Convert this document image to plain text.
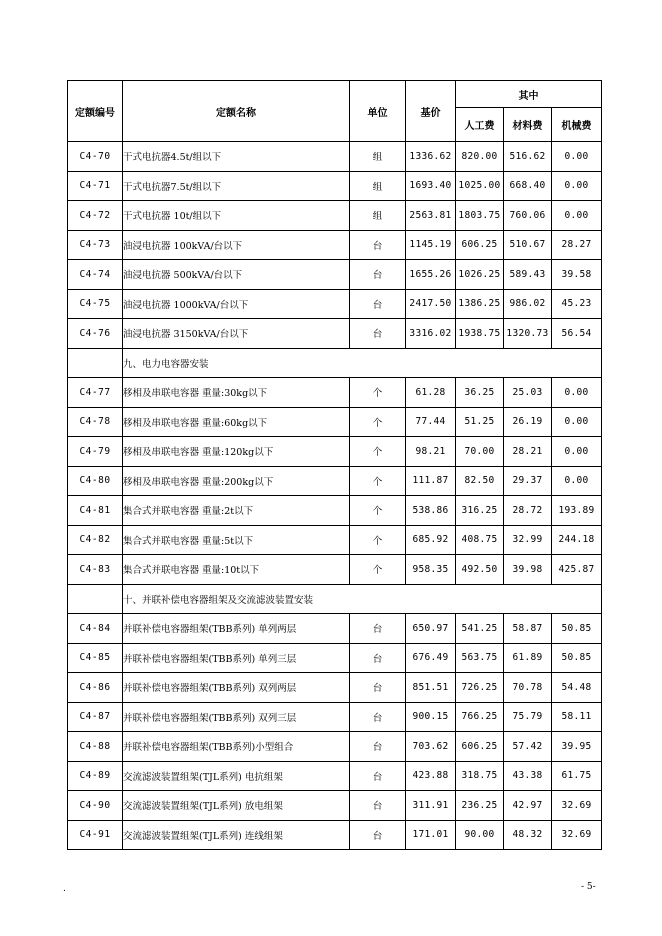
定额编号	定额名称	单位	基价	其中		
				人工费	材料费	机械费
C4-70	干式电抗器4.5t/组以下	组	1336.62	820.00	516.62	0.00
C4-71	干式电抗器7.5t/组以下	组	1693.40	1025.00	668.40	0.00
C4-72	干式电抗器 10t/组以下	组	2563.81	1803.75	760.06	0.00
C4-73	油浸电抗器 100kVA/台以下	台	1145.19	606.25	510.67	28.27
C4-74	油浸电抗器 500kVA/台以下	台	1655.26	1026.25	589.43	39.58
C4-75	油浸电抗器 1000kVA/台以下	台	2417.50	1386.25	986.02	45.23
C4-76	油浸电抗器 3150kVA/台以下	台	3316.02	1938.75	1320.73	56.54
	九、电力电容器安装					
C4-77	移相及串联电容器 重量:30kg以下	个	61.28	36.25	25.03	0.00
C4-78	移相及串联电容器 重量:60kg以下	个	77.44	51.25	26.19	0.00
C4-79	移相及串联电容器 重量:120kg以下	个	98.21	70.00	28.21	0.00
C4-80	移相及串联电容器 重量:200kg以下	个	111.87	82.50	29.37	0.00
C4-81	集合式并联电容器 重量:2t以下	个	538.86	316.25	28.72	193.89
C4-82	集合式并联电容器 重量:5t以下	个	685.92	408.75	32.99	244.18
C4-83	集合式并联电容器 重量:10t以下	个	958.35	492.50	39.98	425.87
	十、并联补偿电容器组架及交流滤波装置安装					
C4-84	并联补偿电容器组架(TBB系列) 单列两层	台	650.97	541.25	58.87	50.85
C4-85	并联补偿电容器组架(TBB系列) 单列三层	台	676.49	563.75	61.89	50.85
C4-86	并联补偿电容器组架(TBB系列) 双列两层	台	851.51	726.25	70.78	54.48
C4-87	并联补偿电容器组架(TBB系列) 双列三层	台	900.15	766.25	75.79	58.11
C4-88	并联补偿电容器组架(TBB系列)小型组合	台	703.62	606.25	57.42	39.95
C4-89	交流滤波装置组架(TJL系列) 电抗组架	台	423.88	318.75	43.38	61.75
C4-90	交流滤波装置组架(TJL系列) 放电组架	台	311.91	236.25	42.97	32.69
C4-91	交流滤波装置组架(TJL系列) 连线组架	台	171.01	90.00	48.32	32.69
.	- 5-
